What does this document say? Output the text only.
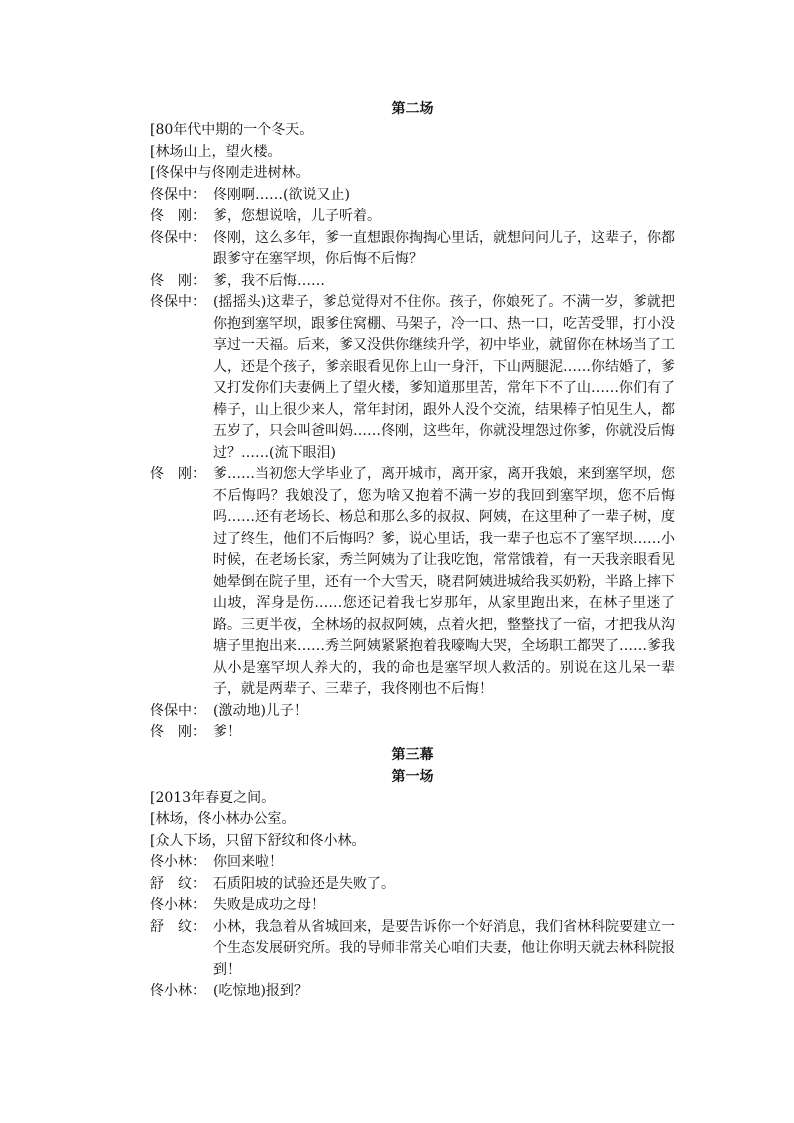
第二场

[80年代中期的一个冬天。

[林场山上，望火楼。

[佟保中与佟刚走进树林。

佟保中： 佟刚啊……(欲说又止)
佟　刚： 爹，您想说啥，儿子听着。
佟保中： 佟刚，这么多年，爹一直想跟你掏掏心里话，就想问问儿子，这辈子，你都跟爹守在塞罕坝，你后悔不后悔？
佟　刚： 爹，我不后悔……
佟保中： (摇摇头)这辈子，爹总觉得对不住你。孩子，你娘死了。不满一岁，爹就把你抱到塞罕坝，跟爹住窝棚、马架子，冷一口、热一口，吃苦受罪，打小没享过一天福。后来，爹又没供你继续升学，初中毕业，就留你在林场当了工人，还是个孩子，爹亲眼看见你上山一身汗，下山两腿泥……你结婚了，爹又打发你们夫妻俩上了望火楼，爹知道那里苦，常年下不了山……你们有了棒子，山上很少来人，常年封闭，跟外人没个交流，结果棒子怕见生人，都五岁了，只会叫爸叫妈……佟刚，这些年，你就没埋怨过你爹，你就没后悔过？……(流下眼泪)
佟　刚： 爹……当初您大学毕业了，离开城市，离开家，离开我娘，来到塞罕坝，您不后悔吗？我娘没了，您为啥又抱着不满一岁的我回到塞罕坝，您不后悔吗……还有老场长、杨总和那么多的叔叔、阿姨，在这里种了一辈子树，度过了终生，他们不后悔吗？爹，说心里话，我一辈子也忘不了塞罕坝……小时候，在老场长家，秀兰阿姨为了让我吃饱，常常饿着，有一天我亲眼看见她晕倒在院子里，还有一个大雪天，晓君阿姨进城给我买奶粉，半路上摔下山坡，浑身是伤……您还记着我七岁那年，从家里跑出来，在林子里迷了路。三更半夜，全林场的叔叔阿姨，点着火把，整整找了一宿，才把我从沟塘子里抱出来……秀兰阿姨紧紧抱着我嚎啕大哭，全场职工都哭了……爹我从小是塞罕坝人养大的，我的命也是塞罕坝人救活的。别说在这儿呆一辈子，就是两辈子、三辈子，我佟刚也不后悔！
佟保中： (激动地)儿子！
佟　刚： 爹！
第三幕
第一场

[2013年春夏之间。

[林场，佟小林办公室。

[众人下场，只留下舒纹和佟小林。

佟小林： 你回来啦！
舒　纹： 石质阳坡的试验还是失败了。
佟小林： 失败是成功之母！
舒　纹： 小林，我急着从省城回来，是要告诉你一个好消息，我们省林科院要建立一个生态发展研究所。我的导师非常关心咱们夫妻，他让你明天就去林科院报到！
佟小林： (吃惊地)报到？
